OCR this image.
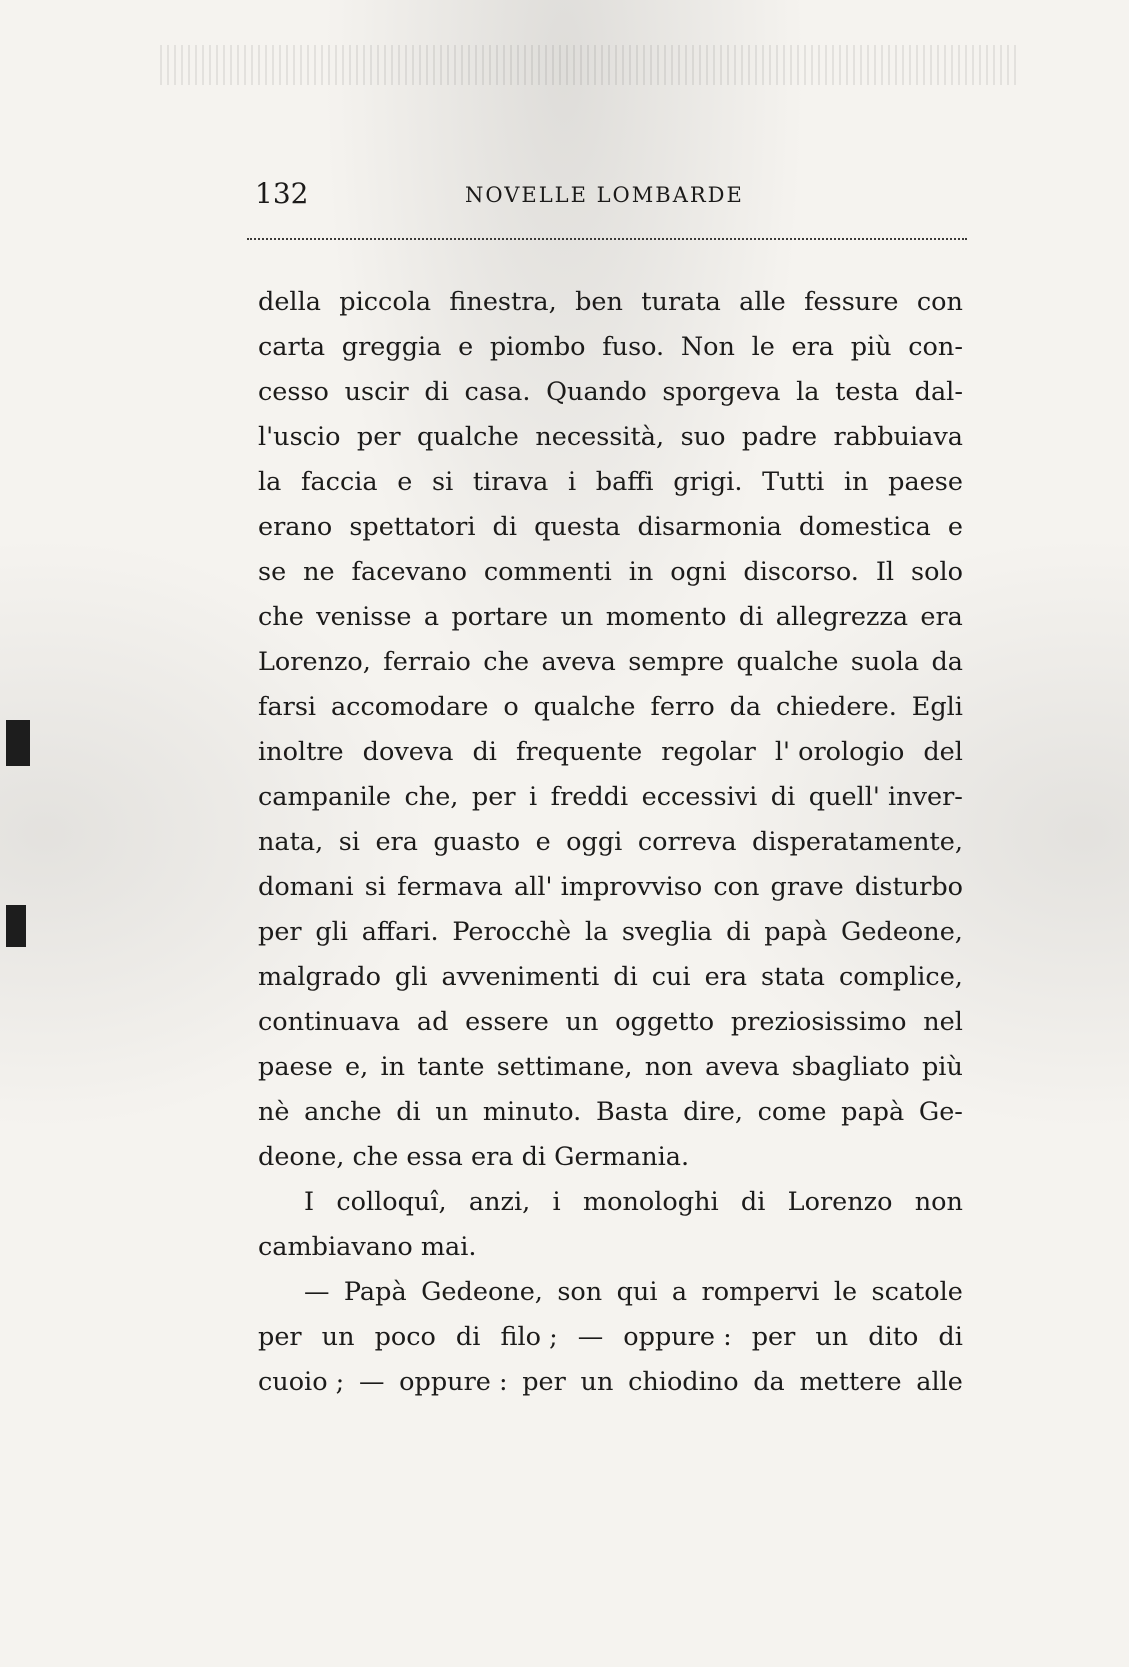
132	NOVELLE LOMBARDE
della piccola finestra, ben turata alle fessure con
carta greggia e piombo fuso. Non le era più con-
cesso uscir di casa. Quando sporgeva la testa dal-
l'uscio per qualche necessità, suo padre rabbuiava
la faccia e si tirava i baffi grigi. Tutti in paese
erano spettatori di questa disarmonia domestica e
se ne facevano commenti in ogni discorso. Il solo
che venisse a portare un momento di allegrezza era
Lorenzo, ferraio che aveva sempre qualche suola da
farsi accomodare o qualche ferro da chiedere. Egli
inoltre doveva di frequente regolar l' orologio del
campanile che, per i freddi eccessivi di quell' inver-
nata, si era guasto e oggi correva disperatamente,
domani si fermava all' improvviso con grave disturbo
per gli affari. Perocchè la sveglia di papà Gedeone,
malgrado gli avvenimenti di cui era stata complice,
continuava ad essere un oggetto preziosissimo nel
paese e, in tante settimane, non aveva sbagliato più
nè anche di un minuto. Basta dire, come papà Ge-
deone,
che
essa
era
di
Germania.
I colloquî, anzi, i monologhi di Lorenzo non
cambiavano
mai.
— Papà Gedeone, son qui a rompervi le scatole
per un poco di filo ; — oppure : per un dito di
cuoio ; — oppure : per un chiodino da mettere alle
